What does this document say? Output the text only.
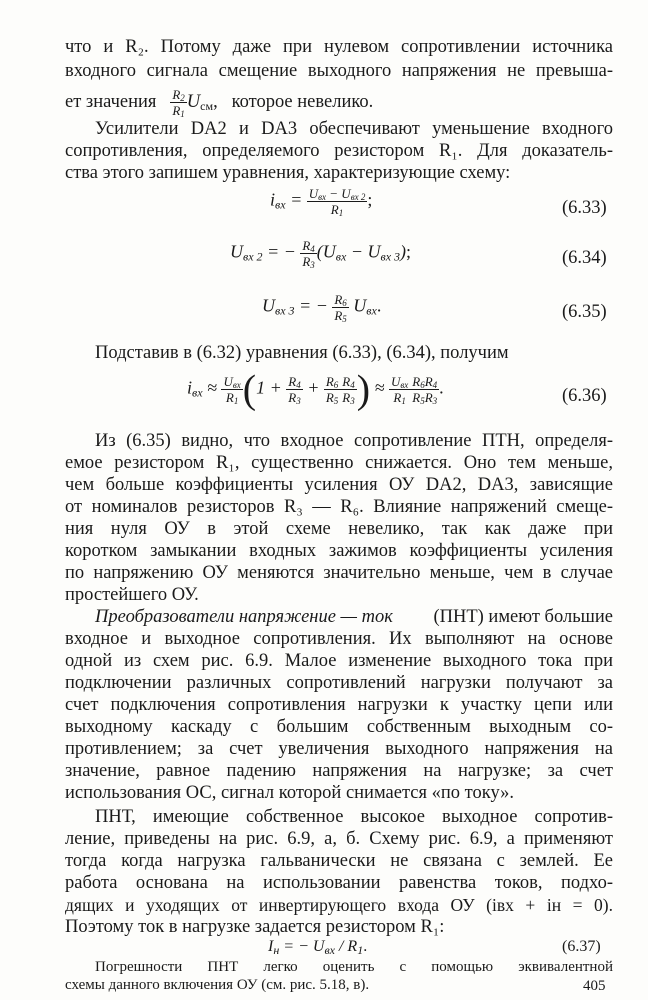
что и R₂. Потому даже при нулевом сопротивлении источника
входного сигнала смещение выходного напряжения не превыша-
ет значения $\frac{R_2}{R_1} U_{см}$,   которое невелико.
Усилители DA2 и DA3 обеспечивают уменьшение входного
сопротивления, определяемого резистором R₁. Для доказатель-
ства этого запишем уравнения, характеризующие схему:
$i_{вх} = \frac{U_{вх} - U_{вх 2}}{R_1}$ ;	(6.33)
$U_{вх 2}$ = − $\frac{R_4}{R_3} (U_{вх} - U_{вх 3})$;	(6.34)
$U_{вх 3}$ = − $\frac{R_6}{R_5} U_{вх}$.	(6.35)
Подставив в (6.32) уравнения (6.33), (6.34), получим
$i_{вх} \approx \frac{U_{вх}}{R_1} (1 + \frac{R_4}{R_3} + \frac{R_6}{R_5} \frac{R_4}{R_3}$ ) ≈ $\frac{U_{вх}}{R_1} \frac{R_6R_4}{R_5R_3}$ .	(6.36)
Из (6.35) видно, что входное сопротивление ПТН, определя-
емое резистором R₁, существенно снижается. Оно тем меньше,
чем больше коэффициенты усиления ОУ DA2, DA3, зависящие
от номиналов резисторов R₃ — R₆. Влияние напряжений смеще-
ния нуля ОУ в этой схеме невелико, так как даже при
коротком замыкании входных зажимов коэффициенты усиления
по напряжению ОУ меняются значительно меньше, чем в случае
простейшего ОУ.
Преобразователи напряжение — ток (ПНТ) имеют большие
входное и выходное сопротивления. Их выполняют на основе
одной из схем рис. 6.9. Малое изменение выходного тока при
подключении различных сопротивлений нагрузки получают за
счет подключения сопротивления нагрузки к участку цепи или
выходному каскаду с большим собственным выходным со-
противлением; за счет увеличения выходного напряжения на
значение, равное падению напряжения на нагрузке; за счет
использования ОС, сигнал которой снимается «по току».
ПНТ, имеющие собственное высокое выходное сопротив-
ление, приведены на рис. 6.9, а, б. Схему рис. 6.9, а применяют
тогда когда нагрузка гальванически не связана с землей. Ее
работа основана на использовании равенства токов, подхо-
дящих и уходящих от инвертирующего входа ОУ (iвх + iн = 0).
Поэтому ток в нагрузке задается резистором R₁:
$I_н$ = − $U_{вх} / R_1$.	(6.37)
Погрешности ПНТ легко оценить с помощью эквивалентной
схемы данного включения ОУ (см. рис. 5.18, в).	405
